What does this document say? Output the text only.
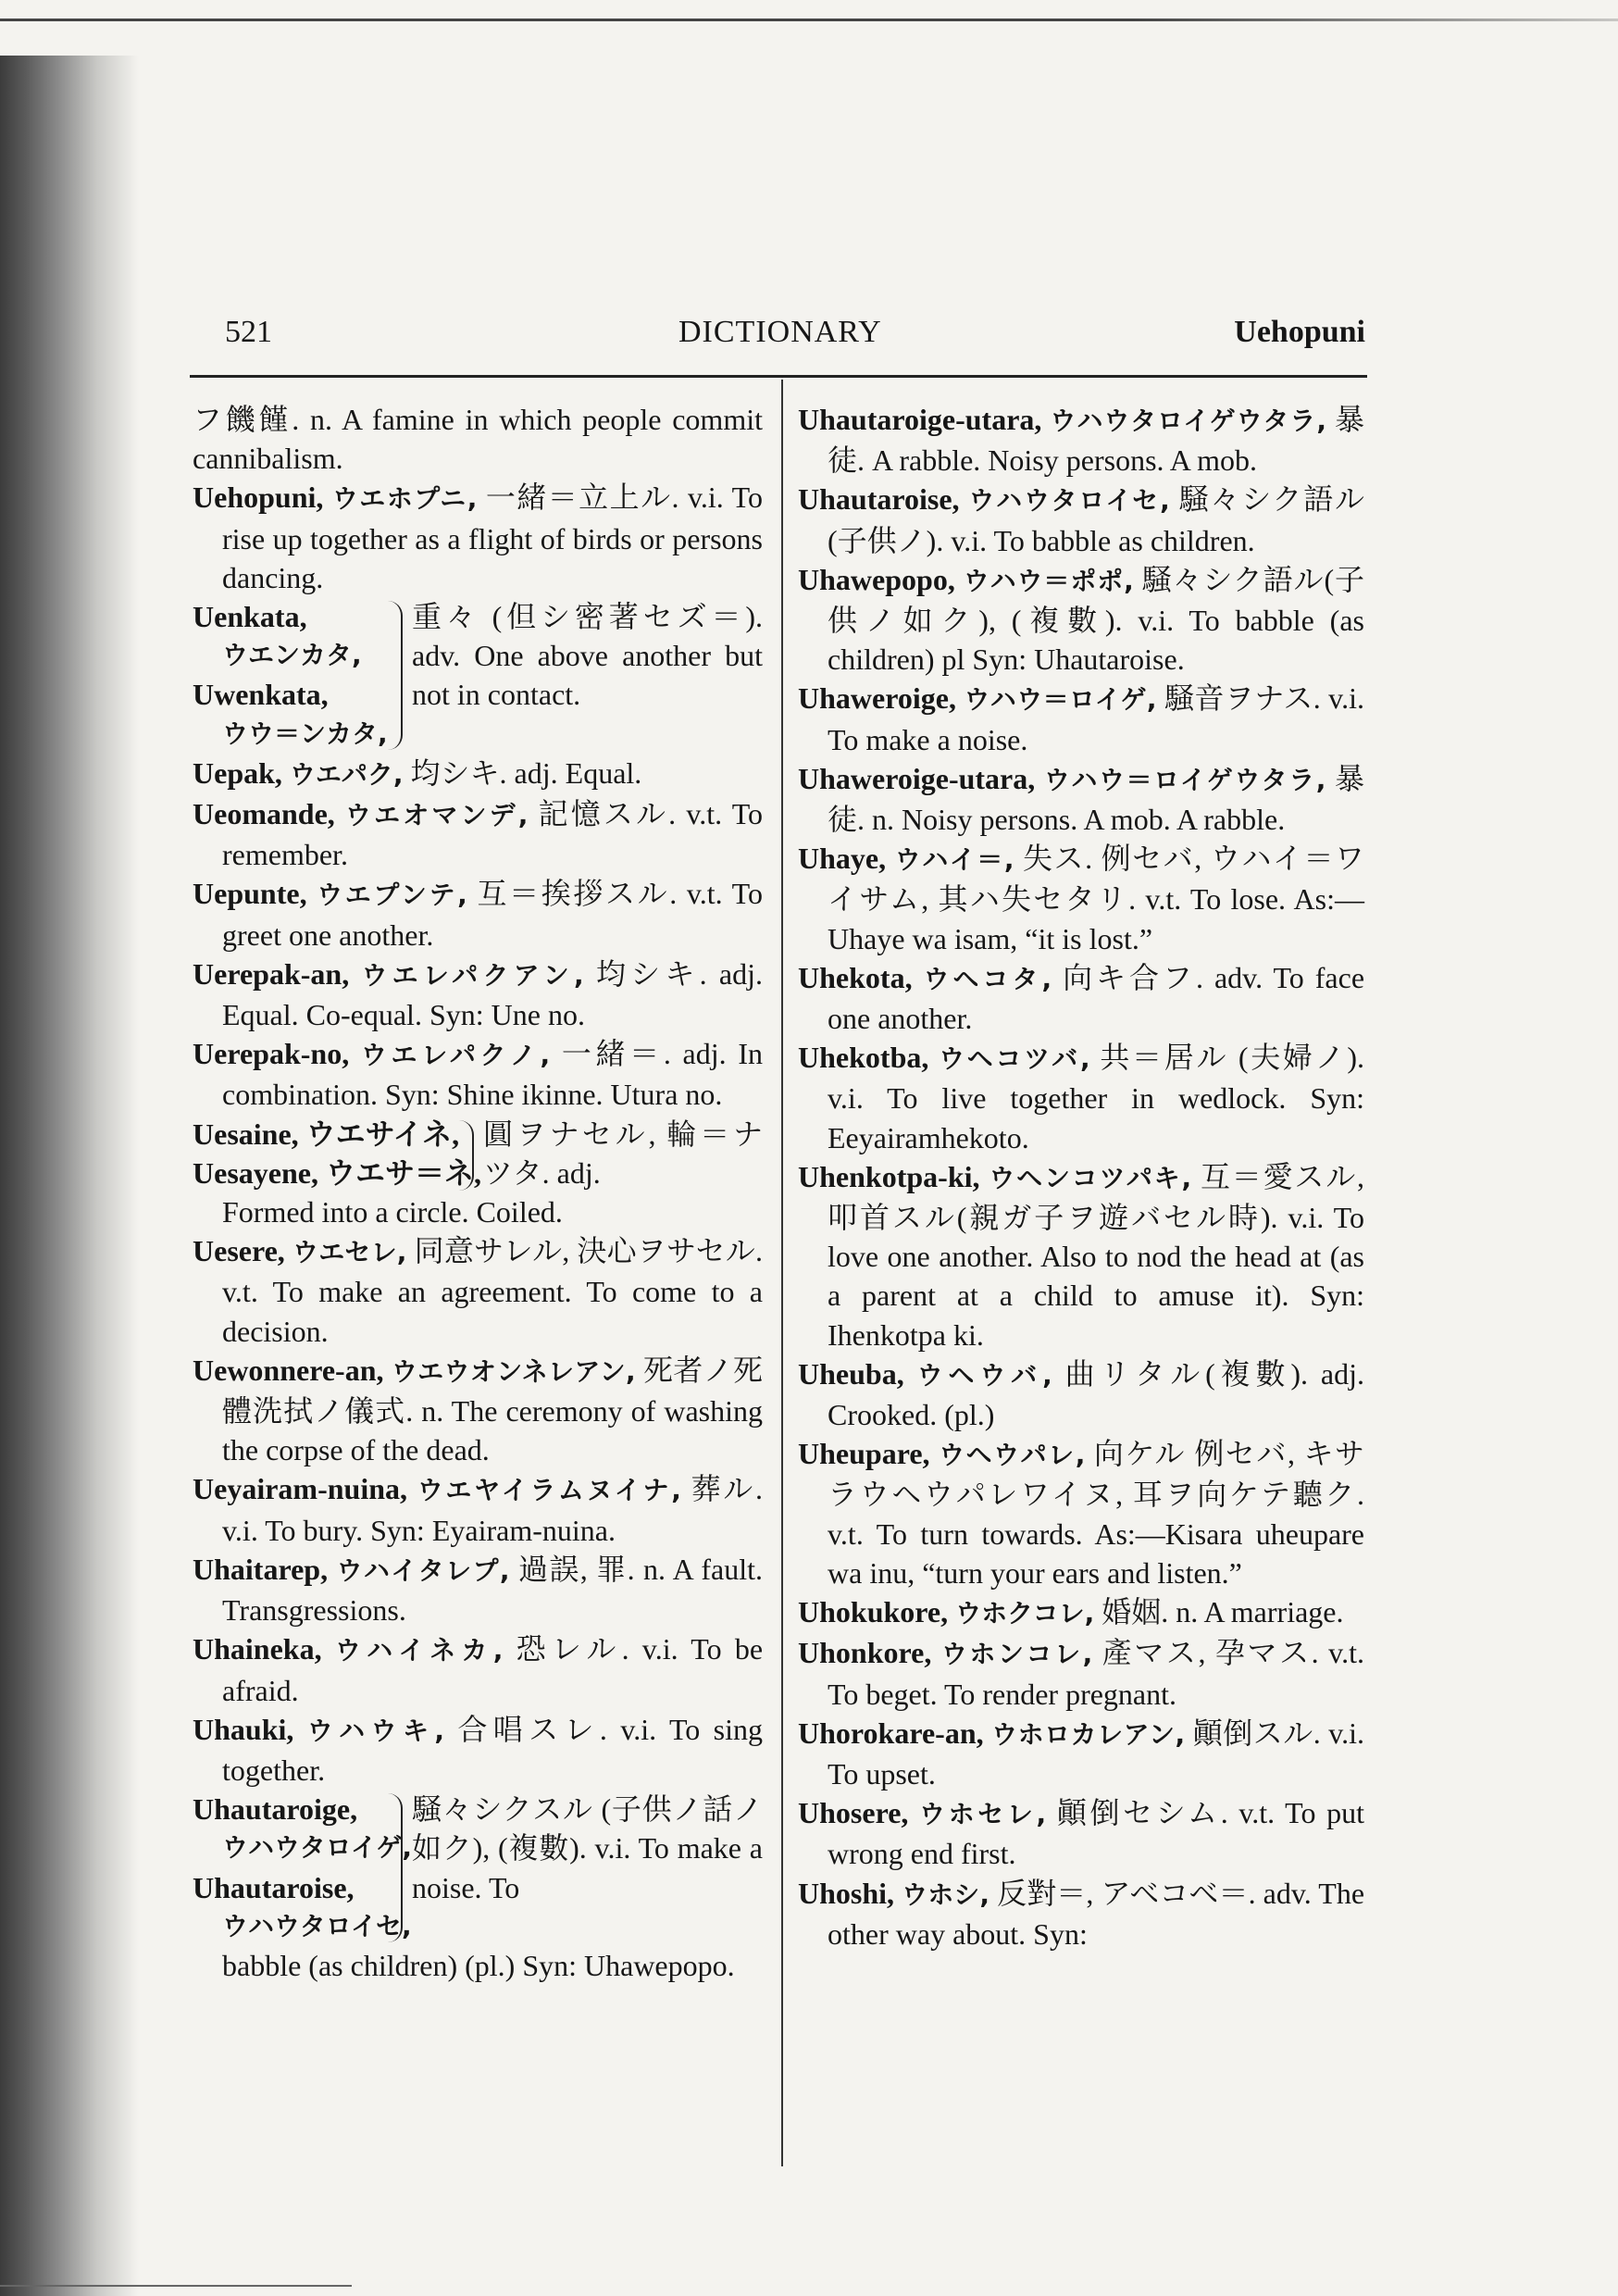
521	DICTIONARY	Uehopuni
フ饑饉. n. A famine in which people commit cannibalism.
Uehopuni, ウエホプニ, 一緒＝立上ル. v.i. To rise up together as a flight of birds or persons dancing.
Uenkata,
ウエンカタ,
Uwenkata,
ウウ＝ンカタ,
重々 (但シ密著セズ＝). adv. One above another but not in contact.
Uepak, ウエパク, 均シキ. adj. Equal.
Ueomande, ウエオマンデ, 記憶スル. v.t. To remember.
Uepunte, ウエプンテ, 互＝挨拶スル. v.t. To greet one another.
Uerepak-an, ウエレパクアン, 均シキ. adj. Equal. Co-equal. Syn: Une no.
Uerepak-no, ウエレパクノ, 一緒＝. adj. In combination. Syn: Shine ikinne. Utura no.
Uesaine, ウエサイネ,
Uesayene, ウエサ＝ネ,
圓ヲナセル, 輪＝ナツタ. adj.
Formed into a circle. Coiled.
Uesere, ウエセレ, 同意サレル, 決心ヲサセル. v.t. To make an agreement. To come to a decision.
Uewonnere-an, ウエウオンネレアン, 死者ノ死體洗拭ノ儀式. n. The ceremony of washing the corpse of the dead.
Ueyairam-nuina, ウエヤイラムヌイナ, 葬ル. v.i. To bury. Syn: Eyairam-nuina.
Uhaitarep, ウハイタレプ, 過誤, 罪. n. A fault. Transgressions.
Uhaineka, ウハイネカ, 恐レル. v.i. To be afraid.
Uhauki, ウハウキ, 合唱スレ. v.i. To sing together.
Uhautaroige,
ウハウタロイゲ,
Uhautaroise,
ウハウタロイセ,
騒々シクスル (子供ノ話ノ如ク), (複數). v.i. To make a noise. To
babble (as children) (pl.) Syn: Uhawepopo.
Uhautaroige-utara, ウハウタロイゲウタラ, 暴徒. A rabble. Noisy persons. A mob.
Uhautaroise, ウハウタロイセ, 騒々シク語ル (子供ノ). v.i. To babble as children.
Uhawepopo, ウハウ＝ポポ, 騒々シク語ル(子供ノ如ク), (複數). v.i. To babble (as children) pl Syn: Uhautaroise.
Uhaweroige, ウハウ＝ロイゲ, 騒音ヲナス. v.i. To make a noise.
Uhaweroige-utara, ウハウ＝ロイゲウタラ, 暴徒. n. Noisy persons. A mob. A rabble.
Uhaye, ウハイ＝, 失ス. 例セバ, ウハイ＝ワイサム, 其ハ失セタリ. v.t. To lose. As:— Uhaye wa isam, “it is lost.”
Uhekota, ウヘコタ, 向キ合フ. adv. To face one another.
Uhekotba, ウヘコツバ, 共＝居ル (夫婦ノ). v.i. To live together in wedlock. Syn: Eeyairamhekoto.
Uhenkotpa-ki, ウヘンコツパキ, 互＝愛スル, 叩首スル(親ガ子ヲ遊バセル時). v.i. To love one another. Also to nod the head at (as a parent at a child to amuse it). Syn: Ihenkotpa ki.
Uheuba, ウヘウバ, 曲リタル(複數). adj. Crooked. (pl.)
Uheupare, ウヘウパレ, 向ケル 例セバ, キサラウヘウパレワイヌ, 耳ヲ向ケテ聽ク. v.t. To turn towards. As:—Kisara uheupare wa inu, “turn your ears and listen.”
Uhokukore, ウホクコレ, 婚姻. n. A marriage.
Uhonkore, ウホンコレ, 產マス, 孕マス. v.t. To beget. To render pregnant.
Uhorokare-an, ウホロカレアン, 顚倒スル. v.i. To upset.
Uhosere, ウホセレ, 顚倒セシム. v.t. To put wrong end first.
Uhoshi, ウホシ, 反對＝, アベコベ＝. adv. The other way about. Syn:
